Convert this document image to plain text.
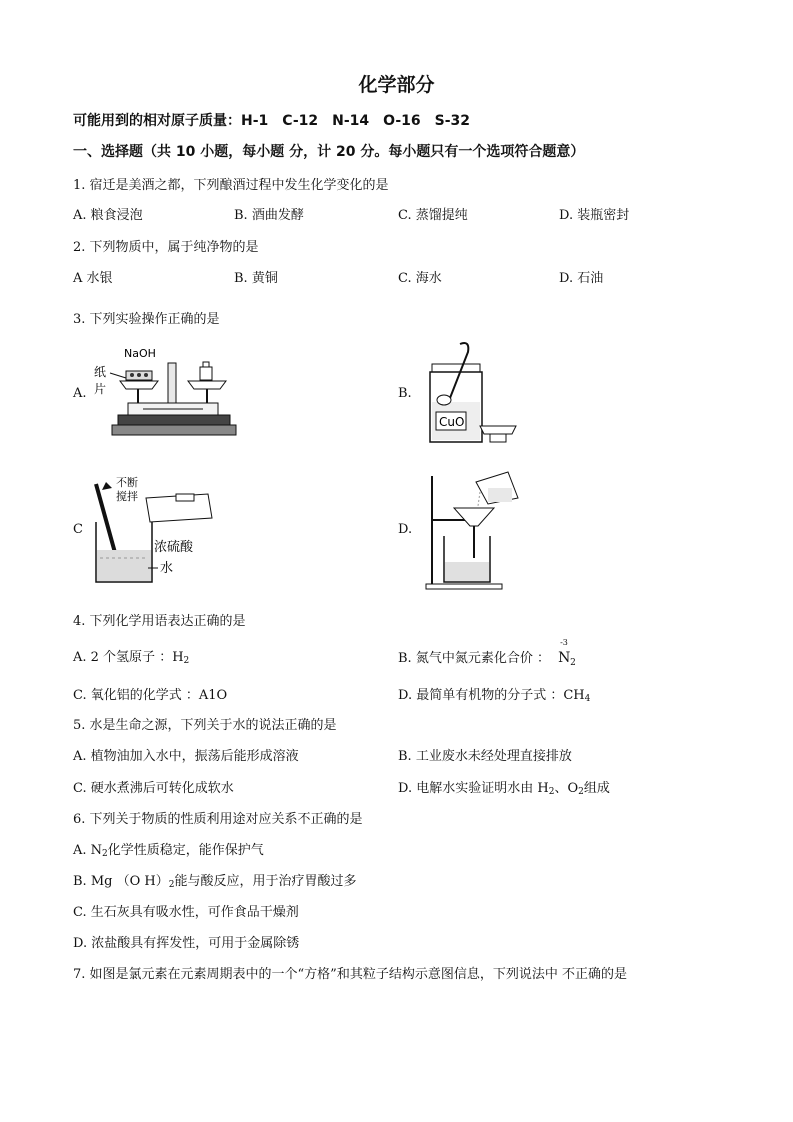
化学部分
可能用到的相对原子质量：H-1　C-12　N-14　O-16　S-32
一、选择题（共 10 小题，每小题 分，计 20 分。每小题只有一个选项符合题意）
1. 宿迁是美酒之都，下列酿酒过程中发生化学变化的是
A. 粮食浸泡	B. 酒曲发酵	C. 蒸馏提纯	D. 装瓶密封
2. 下列物质中，属于纯净物的是
A 水银	B. 黄铜	C. 海水	D. 石油
3. 下列实验操作正确的是
A.
NaOH
纸
片	B.
CuO
C
不断
搅拌
浓硫酸
水
D.
4. 下列化学用语表达正确的是
A. 2 个氢原子 ：$H_2$	B. 氮气中氮元素化合价 ：
-3
N 2
C. 氧化铝的化学式 ：A1O	D. 最简单有机物的分子式 ：$CH_4$
5. 水是生命之源，下列关于水的说法正确的是
A. 植物油加入水中，振荡后能形成溶液	B. 工业废水未经处理直接排放
C. 硬水煮沸后可转化成软水	D. 电解水实验证明水由 $H_2$、$O_2$组成
6. 下列关于物质的性质利用途对应关系不正确的是
A. $N_2$化学性质稳定，能作保护气
B. Mg （O $H)_2$能与酸反应，用于治疗胃酸过多
C. 生石灰具有吸水性，可作食品干燥剂
D. 浓盐酸具有挥发性，可用于金属除锈
7. 如图是氯元素在元素周期表中的一个“方格”和其粒子结构示意图信息，下列说法中 不正确的是
